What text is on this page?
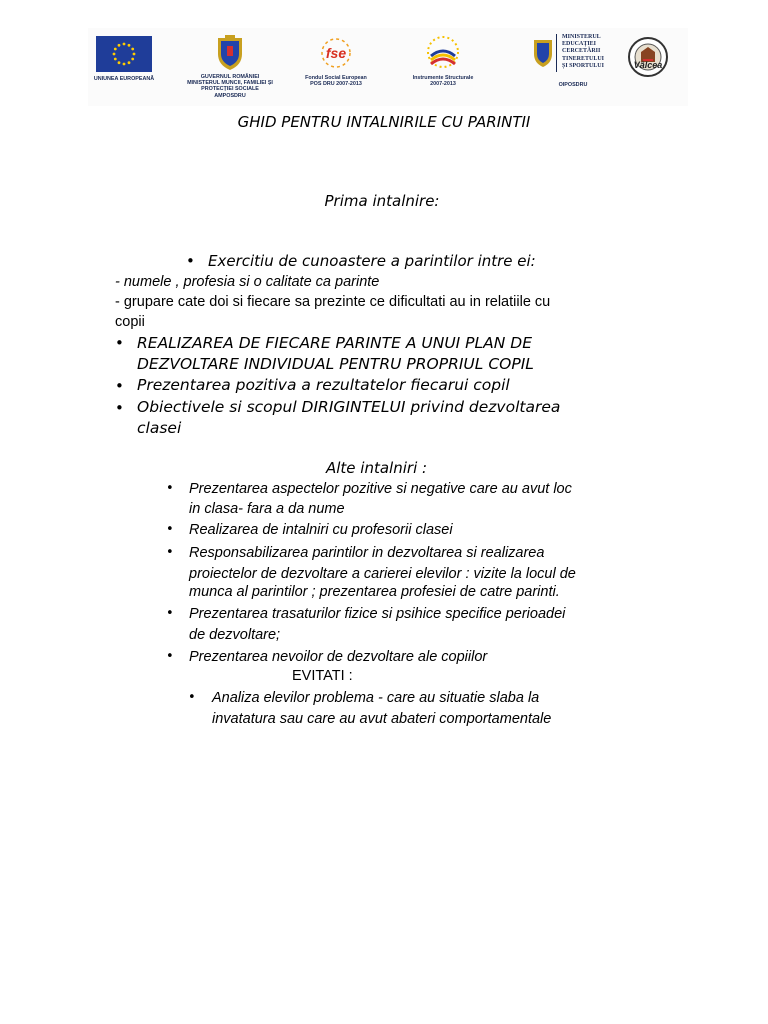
UNIUNEA EUROPEANĂ	GUVERNUL ROMÂNIEI
MINISTERUL MUNCII, FAMILIEI ȘI
PROTECȚIEI SOCIALE
AMPOSDRU
fse
Fondul Social European
POS DRU 2007-2013
Instrumente Structurale
2007-2013
MINISTERUL
EDUCAȚIEI
CERCETĂRII
TINERETULUI
ȘI SPORTULUI
OIPOSDRU
Vâlcea
GHID PENTRU INTALNIRILE CU PARINTII
Prima intalnire:
• Exercitiu de cunoastere a parintilor intre ei:
- numele , profesia si o calitate ca parinte
- grupare cate doi si fiecare sa prezinte ce dificultati au in relatiile cu
copii
• REALIZAREA DE FIECARE PARINTE A UNUI PLAN DE
DEZVOLTARE INDIVIDUAL PENTRU PROPRIUL COPIL
• Prezentarea pozitiva a rezultatelor fiecarui copil
• Obiectivele si scopul DIRIGINTELUI privind dezvoltarea
clasei
Alte intalniri :
• Prezentarea aspectelor pozitive si negative care au avut loc
in clasa- fara a da nume
• Realizarea de intalniri cu profesorii clasei
• Responsabilizarea parintilor in dezvoltarea si realizarea
proiectelor de dezvoltare a carierei elevilor : vizite la locul de
munca al parintilor ; prezentarea profesiei de catre parinti.
• Prezentarea trasaturilor fizice si psihice specifice perioadei
de dezvoltare;
• Prezentarea nevoilor de dezvoltare ale copiilor
EVITATI :
• Analiza elevilor problema - care au situatie slaba la
invatatura sau care au avut abateri comportamentale
